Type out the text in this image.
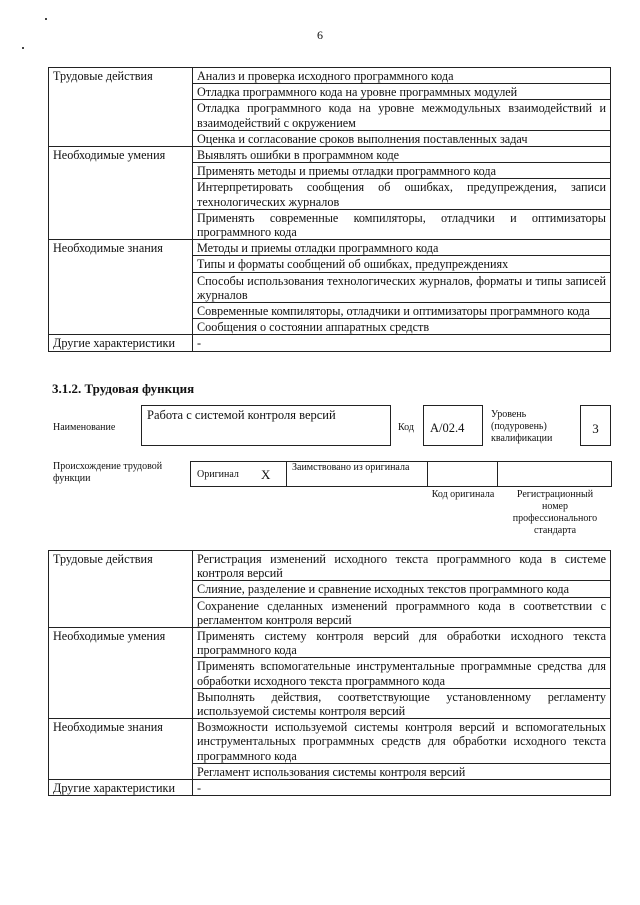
6
Трудовые действия	Анализ и проверка исходного программного кода
	Отладка программного кода на уровне программных модулей
	Отладка программного кода на уровне межмодульных взаимодействий и взаимодействий с окружением
	Оценка и согласование сроков выполнения поставленных задач
Необходимые умения	Выявлять ошибки в программном коде
	Применять методы и приемы отладки программного кода
	Интерпретировать сообщения об ошибках, предупреждения, записи технологических журналов
	Применять современные компиляторы, отладчики и оптимизаторы программного кода
Необходимые знания	Методы и приемы отладки программного кода
	Типы и форматы сообщений об ошибках, предупреждениях
	Способы использования технологических журналов, форматы и типы записей журналов
	Современные компиляторы, отладчики и оптимизаторы программного кода
	Сообщения о состоянии аппаратных средств
Другие характеристики	-
3.1.2. Трудовая функция
Наименование
Работа с системой контроля версий
Код A/02.4
Уровень (подуровень) квалификации
3
Происхождение трудовой функции	Оригинал X Заимствовано из оригинала
Код оригинала	Регистрационный номер профессионального стандарта
Трудовые действия	Регистрация изменений исходного текста программного кода в системе контроля версий
	Слияние, разделение и сравнение исходных текстов программного кода
	Сохранение сделанных изменений программного кода в соответствии с регламентом контроля версий
Необходимые умения	Применять систему контроля версий для обработки исходного текста программного кода
	Применять вспомогательные инструментальные программные средства для обработки исходного текста программного кода
	Выполнять действия, соответствующие установленному регламенту используемой системы контроля версий
Необходимые знания	Возможности используемой системы контроля версий и вспомогательных инструментальных программных средств для обработки исходного текста программного кода
	Регламент использования системы контроля версий
Другие характеристики	-
